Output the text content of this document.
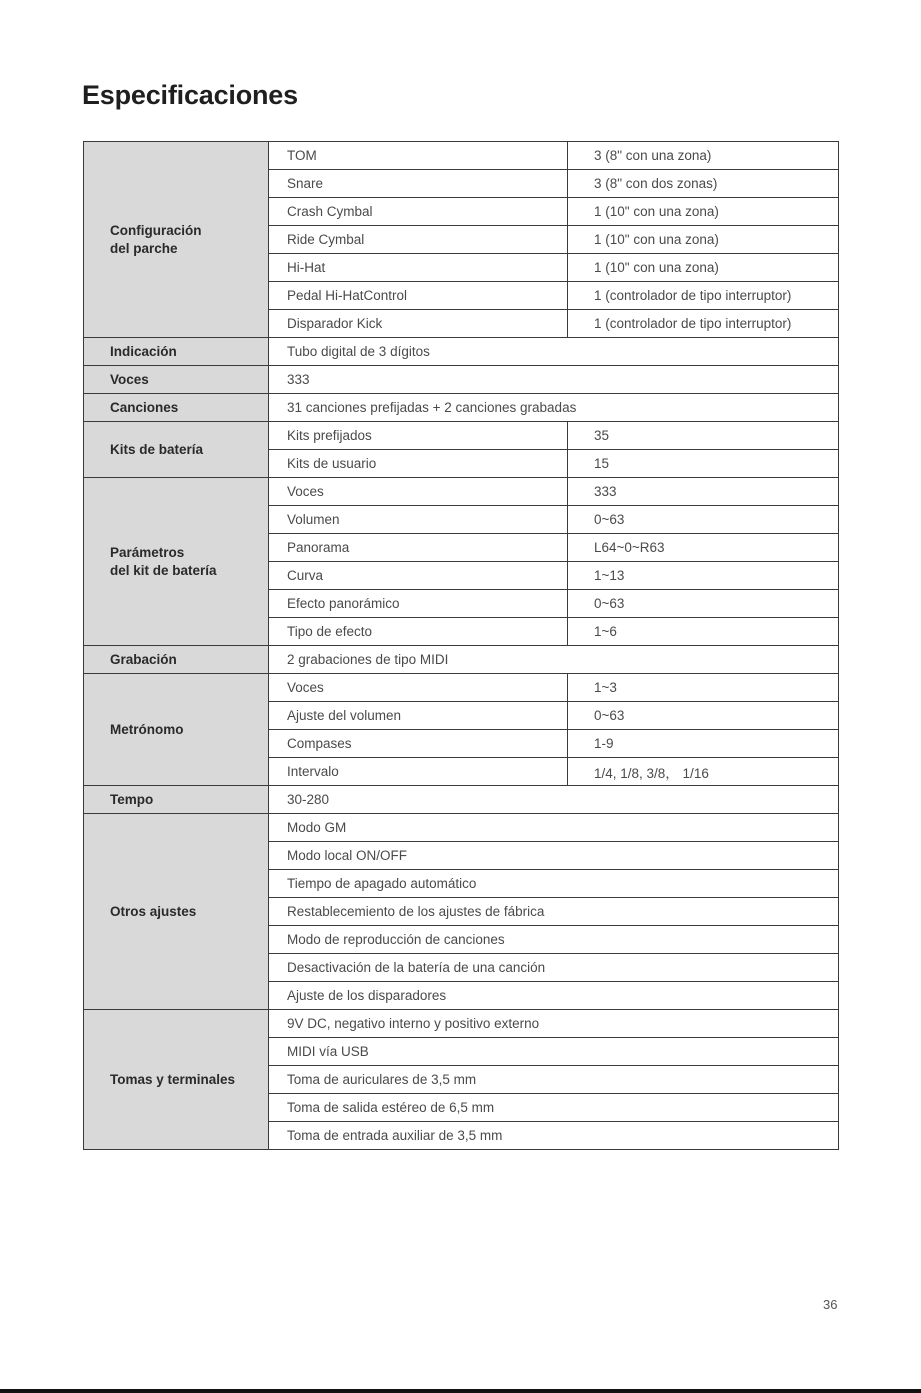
Especificaciones
Configuración
del parche	TOM	3 (8" con una zona)
	Snare	3 (8" con dos zonas)
	Crash Cymbal	1 (10" con una zona)
	Ride Cymbal	1 (10" con una zona)
	Hi-Hat	1 (10" con una zona)
	Pedal Hi-HatControl	1 (controlador de tipo interruptor)
	Disparador Kick	1 (controlador de tipo interruptor)
Indicación	Tubo digital de 3 dígitos	
Voces	333	
Canciones	31 canciones prefijadas + 2 canciones grabadas	
Kits de batería	Kits prefijados	35
	Kits de usuario	15
Parámetros
del kit de batería	Voces	333
	Volumen	0~63
	Panorama	L64~0~R63
	Curva	1~13
	Efecto panorámico	0~63
	Tipo de efecto	1~6
Grabación	2 grabaciones de tipo MIDI	
Metrónomo	Voces	1~3
	Ajuste del volumen	0~63
	Compases	1-9
	Intervalo	1/4, 1/8, 3/8， 1/16
Tempo	30-280	
Otros ajustes	Modo GM	
	Modo local ON/OFF	
	Tiempo de apagado automático	
	Restablecemiento de los ajustes de fábrica	
	Modo de reproducción de canciones	
	Desactivación de la batería de una canción	
	Ajuste de los disparadores	
Tomas y terminales	9V DC, negativo interno y positivo externo	
	MIDI vía USB	
	Toma de auriculares de 3,5 mm	
	Toma de salida estéreo de 6,5 mm	
	Toma de entrada auxiliar de 3,5 mm	
36
